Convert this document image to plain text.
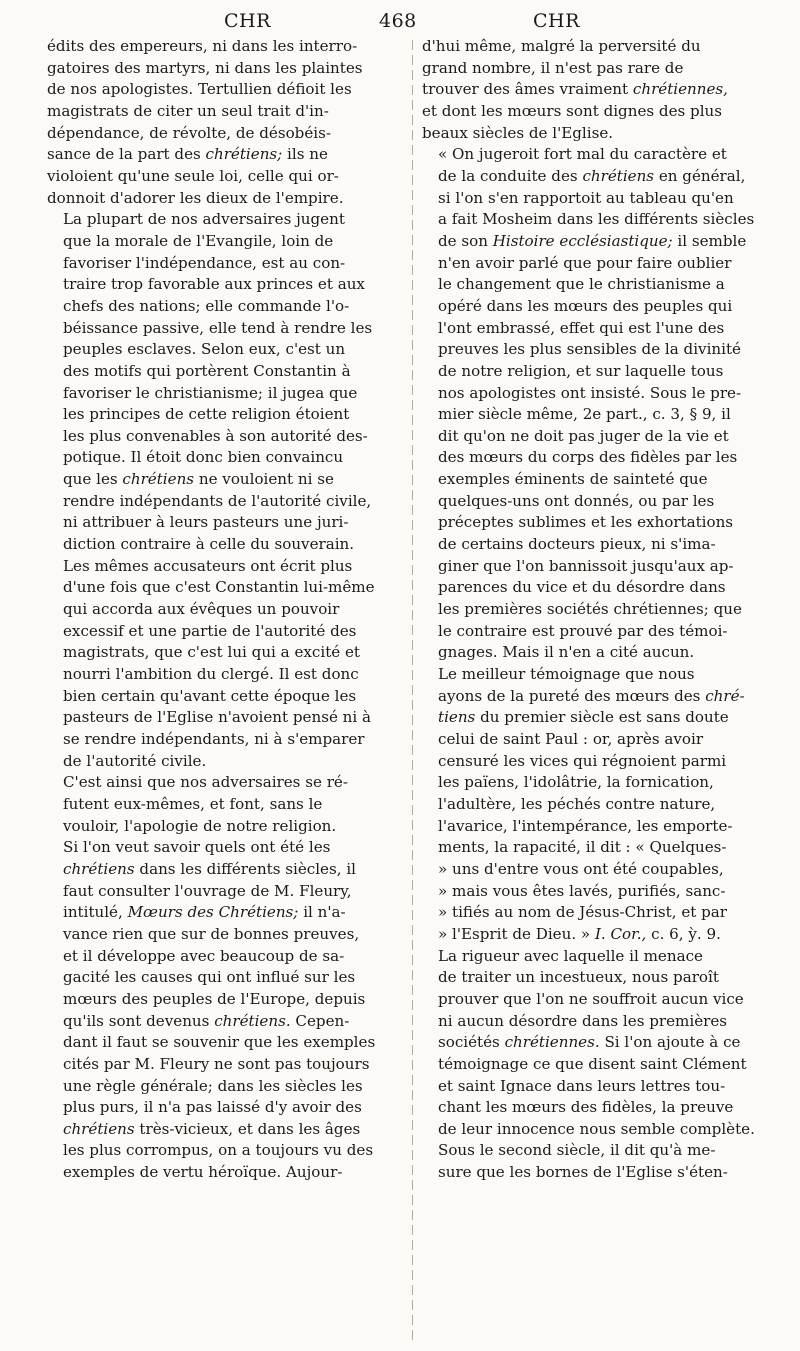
CHR	468	CHR

édits des empereurs, ni dans les interro-
gatoires des martyrs, ni dans les plaintes
de nos apologistes. Tertullien défioit les
magistrats de citer un seul trait d'in-
dépendance, de révolte, de désobéis-
sance de la part des chrétiens; ils ne
violoient qu'une seule loi, celle qui or-
donnoit d'adorer les dieux de l'empire.

La plupart de nos adversaires jugent
que la morale de l'Evangile, loin de
favoriser l'indépendance, est au con-
traire trop favorable aux princes et aux
chefs des nations; elle commande l'o-
béissance passive, elle tend à rendre les
peuples esclaves. Selon eux, c'est un
des motifs qui portèrent Constantin à
favoriser le christianisme; il jugea que
les principes de cette religion étoient
les plus convenables à son autorité des-
potique. Il étoit donc bien convaincu
que les chrétiens ne vouloient ni se
rendre indépendants de l'autorité civile,
ni attribuer à leurs pasteurs une juri-
diction contraire à celle du souverain.
Les mêmes accusateurs ont écrit plus
d'une fois que c'est Constantin lui-même
qui accorda aux évêques un pouvoir
excessif et une partie de l'autorité des
magistrats, que c'est lui qui a excité et
nourri l'ambition du clergé. Il est donc
bien certain qu'avant cette époque les
pasteurs de l'Eglise n'avoient pensé ni à
se rendre indépendants, ni à s'emparer
de l'autorité civile.

C'est ainsi que nos adversaires se ré-
futent eux-mêmes, et font, sans le
vouloir, l'apologie de notre religion.

Si l'on veut savoir quels ont été les
chrétiens dans les différents siècles, il
faut consulter l'ouvrage de M. Fleury,
intitulé, Mœurs des Chrétiens; il n'a-
vance rien que sur de bonnes preuves,
et il développe avec beaucoup de sa-
gacité les causes qui ont influé sur les
mœurs des peuples de l'Europe, depuis
qu'ils sont devenus chrétiens. Cepen-
dant il faut se souvenir que les exemples
cités par M. Fleury ne sont pas toujours
une règle générale; dans les siècles les
plus purs, il n'a pas laissé d'y avoir des
chrétiens très-vicieux, et dans les âges
les plus corrompus, on a toujours vu des
exemples de vertu héroïque. Aujour-

d'hui même, malgré la perversité du
grand nombre, il n'est pas rare de
trouver des âmes vraiment chrétiennes,
et dont les mœurs sont dignes des plus
beaux siècles de l'Eglise.

« On jugeroit fort mal du caractère et
de la conduite des chrétiens en général,
si l'on s'en rapportoit au tableau qu'en
a fait Mosheim dans les différents siècles
de son Histoire ecclésiastique; il semble
n'en avoir parlé que pour faire oublier
le changement que le christianisme a
opéré dans les mœurs des peuples qui
l'ont embrassé, effet qui est l'une des
preuves les plus sensibles de la divinité
de notre religion, et sur laquelle tous
nos apologistes ont insisté. Sous le pre-
mier siècle même, 2e part., c. 3, § 9, il
dit qu'on ne doit pas juger de la vie et
des mœurs du corps des fidèles par les
exemples éminents de sainteté que
quelques-uns ont donnés, ou par les
préceptes sublimes et les exhortations
de certains docteurs pieux, ni s'ima-
giner que l'on bannissoit jusqu'aux ap-
parences du vice et du désordre dans
les premières sociétés chrétiennes; que
le contraire est prouvé par des témoi-
gnages. Mais il n'en a cité aucun.

Le meilleur témoignage que nous
ayons de la pureté des mœurs des chré-
tiens du premier siècle est sans doute
celui de saint Paul : or, après avoir
censuré les vices qui régnoient parmi
les païens, l'idolâtrie, la fornication,
l'adultère, les péchés contre nature,
l'avarice, l'intempérance, les emporte-
ments, la rapacité, il dit : « Quelques-
» uns d'entre vous ont été coupables,
» mais vous êtes lavés, purifiés, sanc-
» tifiés au nom de Jésus-Christ, et par
» l'Esprit de Dieu. » I. Cor., c. 6, ỳ. 9.
La rigueur avec laquelle il menace
de traiter un incestueux, nous paroît
prouver que l'on ne souffroit aucun vice
ni aucun désordre dans les premières
sociétés chrétiennes. Si l'on ajoute à ce
témoignage ce que disent saint Clément
et saint Ignace dans leurs lettres tou-
chant les mœurs des fidèles, la preuve
de leur innocence nous semble complète.
Sous le second siècle, il dit qu'à me-
sure que les bornes de l'Eglise s'éten-
